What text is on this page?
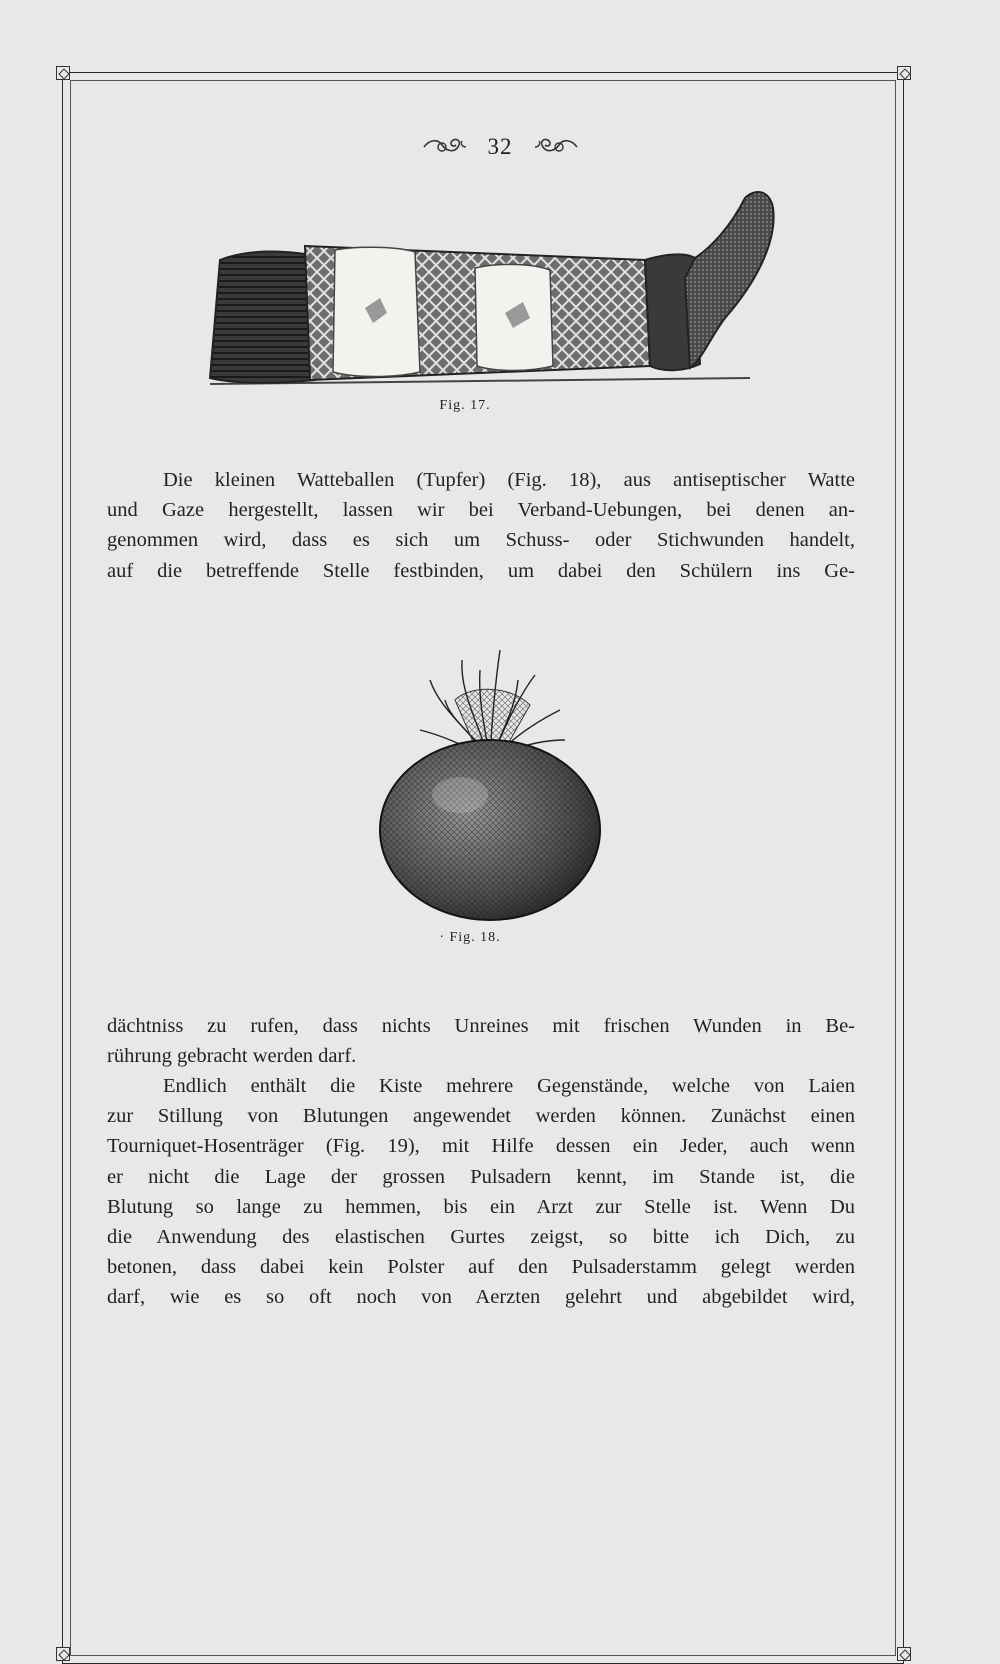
32
Fig. 17.
Die kleinen Watteballen (Tupfer) (Fig. 18), aus antiseptischer Watte
und Gaze hergestellt, lassen wir bei Verband-Uebungen, bei denen an-
genommen wird, dass es sich um Schuss- oder Stichwunden handelt,
auf die betreffende Stelle festbinden, um dabei den Schülern ins Ge-
· Fig. 18.
dächtniss zu rufen, dass nichts Unreines mit frischen Wunden in Be-
rührung gebracht werden darf.
Endlich enthält die Kiste mehrere Gegenstände, welche von Laien
zur Stillung von Blutungen angewendet werden können. Zunächst einen
Tourniquet-Hosenträger (Fig. 19), mit Hilfe dessen ein Jeder, auch wenn
er nicht die Lage der grossen Pulsadern kennt, im Stande ist, die
Blutung so lange zu hemmen, bis ein Arzt zur Stelle ist. Wenn Du
die Anwendung des elastischen Gurtes zeigst, so bitte ich Dich, zu
betonen, dass dabei kein Polster auf den Pulsaderstamm gelegt werden
darf, wie es so oft noch von Aerzten gelehrt und abgebildet wird,
